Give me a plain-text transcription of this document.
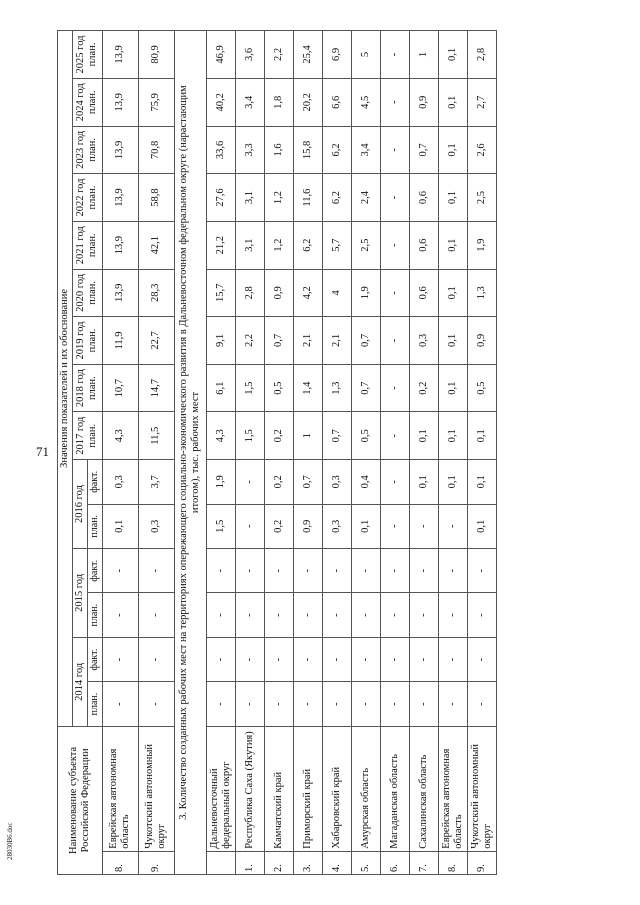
71
28030B6.doc	Наименование субъекта Российской Федерации		Значения показателей и их обоснование														
		2014 год		2015 год		2016 год		2017 год план.	2018 год план.	2019 год план.	2020 год план.	2021 год план.	2022 год план.	2023 год план.	2024 год план.	2025 год план.
		план.	факт.	план.	факт.	план.	факт.									
8.	Еврейская автономная область	-	-	-	-	0,1	0,3	4,3	10,7	11,9	13,9	13,9	13,9	13,9	13,9	13,9
9.	Чукотский автономный округ	-	-	-	-	0,3	3,7	11,5	14,7	22,7	28,3	42,1	58,8	70,8	75,9	80,9
3. Количество созданных рабочих мест на территориях опережающего социально-экономического развития в Дальневосточном федеральном округе (нарастающим итогом), тыс. рабочих мест																
	Дальневосточный федеральный округ	-	-	-	-	1,5	1,9	4,3	6,1	9,1	15,7	21,2	27,6	33,6	40,2	46,9
1.	Республика Саха (Якутия)	-	-	-	-	-	-	1,5	1,5	2,2	2,8	3,1	3,1	3,3	3,4	3,6
2.	Камчатский край	-	-	-	-	0,2	0,2	0,2	0,5	0,7	0,9	1,2	1,2	1,6	1,8	2,2
3.	Приморский край	-	-	-	-	0,9	0,7	1	1,4	2,1	4,2	6,2	11,6	15,8	20,2	25,4
4.	Хабаровский край	-	-	-	-	0,3	0,3	0,7	1,3	2,1	4	5,7	6,2	6,2	6,6	6,9
5.	Амурская область	-	-	-	-	0,1	0,4	0,5	0,7	0,7	1,9	2,5	2,4	3,4	4,5	5
6.	Магаданская область	-	-	-	-	-	-	-	-	-	-	-	-	-	-	-
7.	Сахалинская область	-	-	-	-	-	0,1	0,1	0,2	0,3	0,6	0,6	0,6	0,7	0,9	1
8.	Еврейская автономная область	-	-	-	-	-	0,1	0,1	0,1	0,1	0,1	0,1	0,1	0,1	0,1	0,1
9.	Чукотский автономный округ	-	-	-	-	0,1	0,1	0,1	0,5	0,9	1,3	1,9	2,5	2,6	2,7	2,8
